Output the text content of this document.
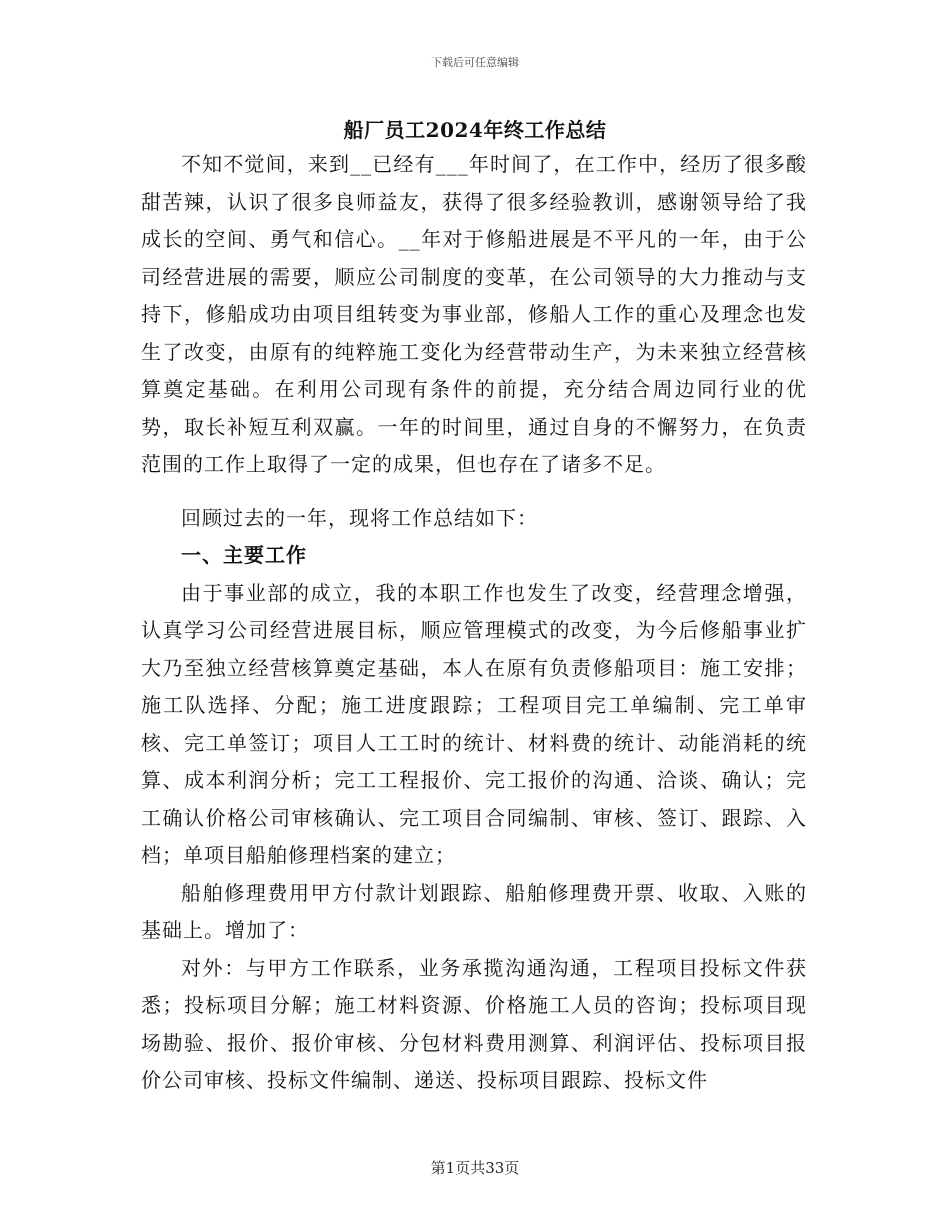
下载后可任意编辑
船厂员工2024年终工作总结

不知不觉间，来到__已经有___年时间了，在工作中，经历了很多酸甜苦辣，认识了很多良师益友，获得了很多经验教训，感谢领导给了我成长的空间、勇气和信心。__年对于修船进展是不平凡的一年，由于公司经营进展的需要，顺应公司制度的变革，在公司领导的大力推动与支持下，修船成功由项目组转变为事业部，修船人工作的重心及理念也发生了改变，由原有的纯粹施工变化为经营带动生产，为未来独立经营核算奠定基础。在利用公司现有条件的前提，充分结合周边同行业的优势，取长补短互利双赢。一年的时间里，通过自身的不懈努力，在负责范围的工作上取得了一定的成果，但也存在了诸多不足。

回顾过去的一年，现将工作总结如下：

一、主要工作

由于事业部的成立，我的本职工作也发生了改变，经营理念增强，认真学习公司经营进展目标，顺应管理模式的改变，为今后修船事业扩大乃至独立经营核算奠定基础，本人在原有负责修船项目：施工安排；施工队选择、分配；施工进度跟踪；工程项目完工单编制、完工单审核、完工单签订；项目人工工时的统计、材料费的统计、动能消耗的统算、成本利润分析；完工工程报价、完工报价的沟通、洽谈、确认；完工确认价格公司审核确认、完工项目合同编制、审核、签订、跟踪、入档；单项目船舶修理档案的建立；

船舶修理费用甲方付款计划跟踪、船舶修理费开票、收取、入账的基础上。增加了：

对外：与甲方工作联系，业务承揽沟通沟通，工程项目投标文件获悉；投标项目分解；施工材料资源、价格施工人员的咨询；投标项目现场勘验、报价、报价审核、分包材料费用测算、利润评估、投标项目报价公司审核、投标文件编制、递送、投标项目跟踪、投标文件

第1页共33页
